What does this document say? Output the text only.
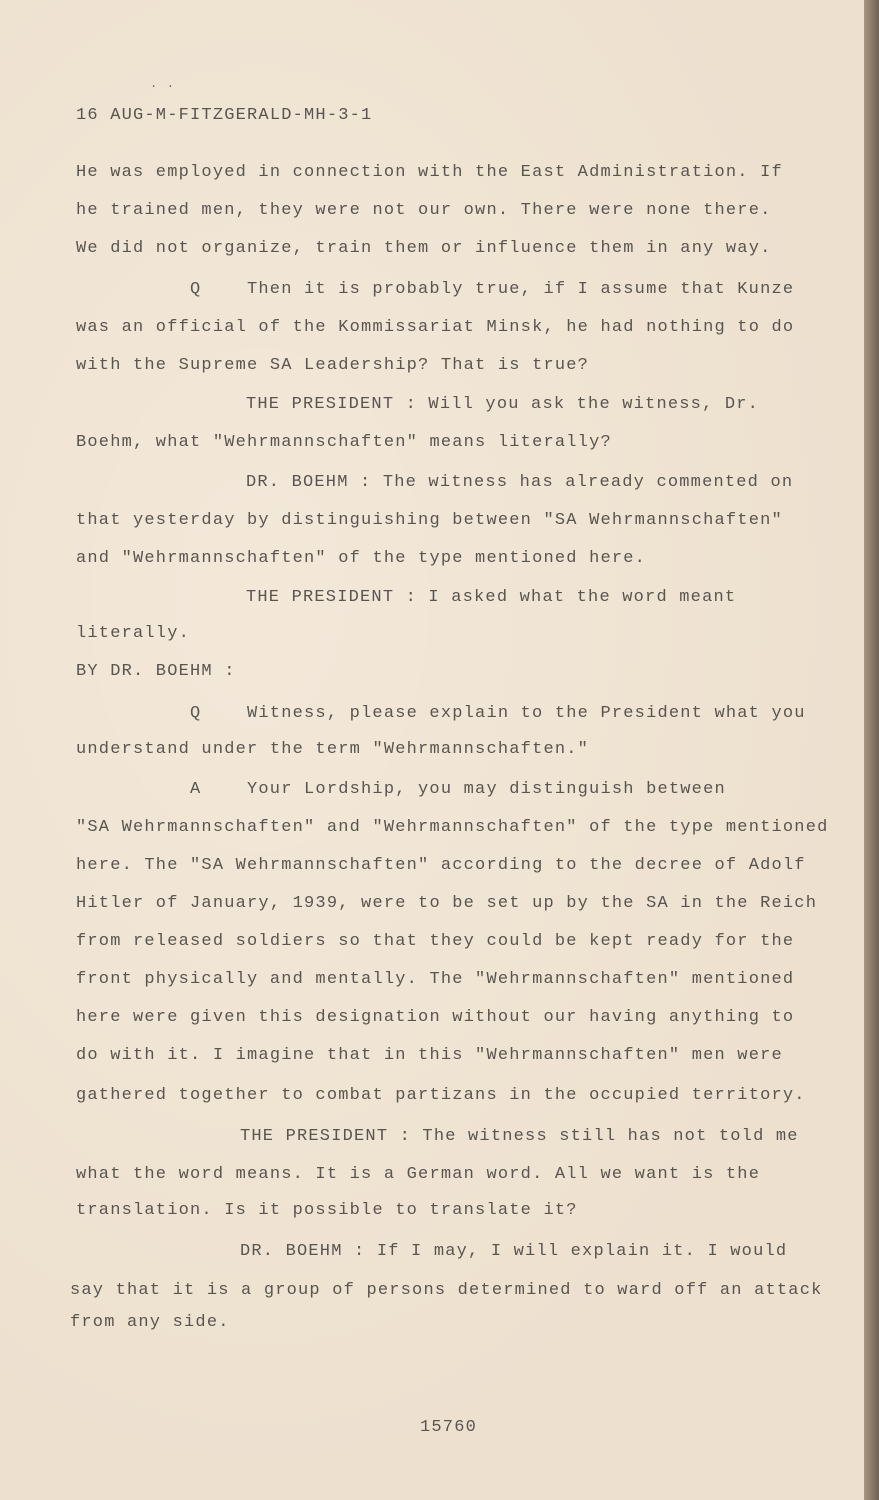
. .

16 AUG-M-FITZGERALD-MH-3-1

He was employed in connection with the East Administration. If

he trained men, they were not our own. There were none there.

We did not organize, train them or influence them in any way.

Q    Then it is probably true, if I assume that Kunze

was an official of the Kommissariat Minsk, he had nothing to do

with the Supreme SA Leadership? That is true?

THE PRESIDENT : Will you ask the witness, Dr.

Boehm, what "Wehrmannschaften" means literally?

DR. BOEHM : The witness has already commented on

that yesterday by distinguishing between "SA Wehrmannschaften"

and "Wehrmannschaften" of the type mentioned here.

THE PRESIDENT : I asked what the word meant

literally.

BY DR. BOEHM :

Q    Witness, please explain to the President what you

understand under the term "Wehrmannschaften."

A    Your Lordship, you may distinguish between

"SA Wehrmannschaften" and "Wehrmannschaften" of the type mentioned

here. The "SA Wehrmannschaften" according to the decree of Adolf

Hitler of January, 1939, were to be set up by the SA in the Reich

from released soldiers so that they could be kept ready for the

front physically and mentally. The "Wehrmannschaften" mentioned

here were given this designation without our having anything to

do with it. I imagine that in this "Wehrmannschaften" men were

gathered together to combat partizans in the occupied territory.

THE PRESIDENT : The witness still has not told me

what the word means. It is a German word. All we want is the

translation. Is it possible to translate it?

DR. BOEHM : If I may, I will explain it. I would

say that it is a group of persons determined to ward off an attack

from any side.

15760
